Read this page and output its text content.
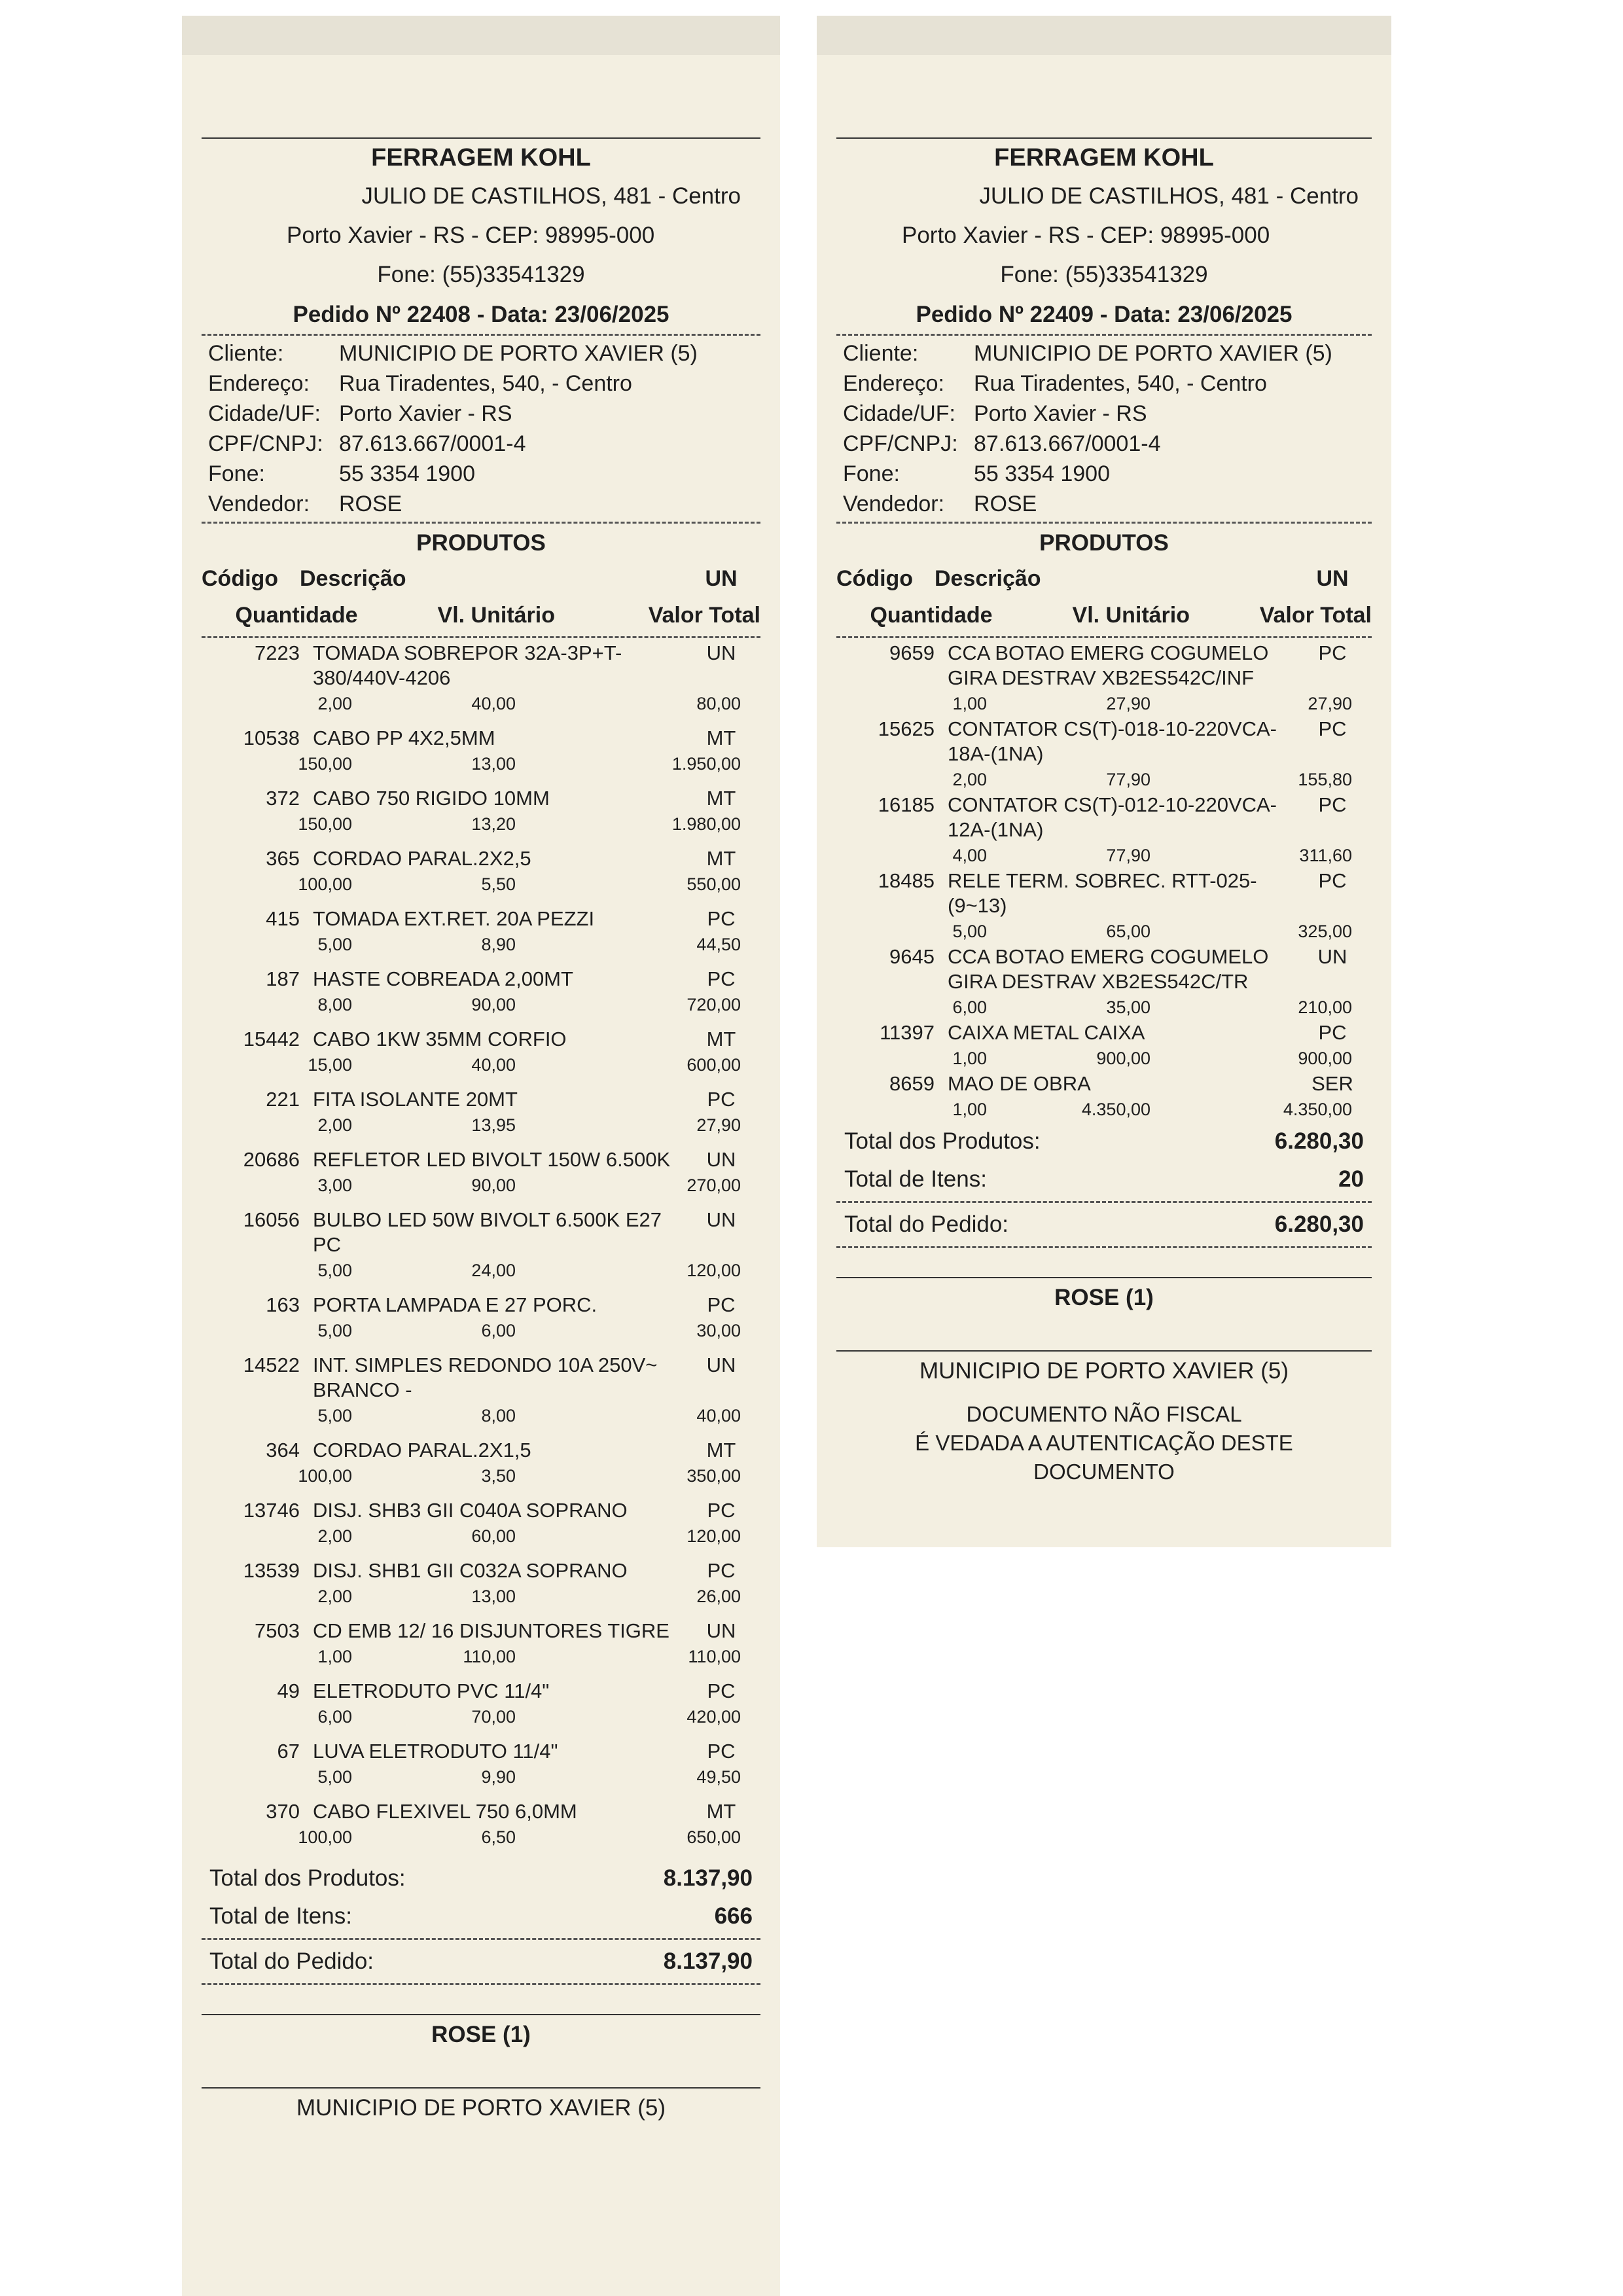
FERRAGEM KOHL
JULIO DE CASTILHOS, 481 - Centro
Porto Xavier - RS - CEP: 98995-000
Fone: (55)33541329
Pedido Nº 22408 - Data: 23/06/2025
Cliente:	MUNICIPIO DE PORTO XAVIER (5)
Endereço:	Rua Tiradentes, 540, - Centro
Cidade/UF: Porto Xavier - RS
CPF/CNPJ: 87.613.667/0001-4
Fone:	55 3354 1900
Vendedor:	ROSE
PRODUTOS
Código Descrição	UN
Quantidade	Vl. Unitário	Valor Total
7223 TOMADA SOBREPOR 32A-3P+T-380/440V-4206
UN
2,00	40,00	80,00
10538 CABO PP 4X2,5MM	MT
150,00	13,00	1.950,00
372 CABO 750 RIGIDO 10MM	MT
150,00	13,20	1.980,00
365 CORDAO PARAL.2X2,5	MT
100,00	5,50	550,00
415 TOMADA EXT.RET. 20A PEZZI	PC
5,00	8,90	44,50
187 HASTE COBREADA 2,00MT	PC
8,00	90,00	720,00
15442 CABO 1KW 35MM CORFIO	MT
15,00	40,00	600,00
221 FITA ISOLANTE 20MT	PC
2,00	13,95	27,90
20686 REFLETOR LED BIVOLT 150W 6.500K	UN
3,00	90,00	270,00
16056 BULBO LED 50W BIVOLT 6.500K E27 PC
UN
5,00	24,00	120,00
163 PORTA LAMPADA E 27 PORC.	PC
5,00	6,00	30,00
14522 INT. SIMPLES REDONDO 10A 250V~ BRANCO -
UN
5,00	8,00	40,00
364 CORDAO PARAL.2X1,5	MT
100,00	3,50	350,00
13746 DISJ. SHB3 GII C040A SOPRANO	PC
2,00	60,00	120,00
13539 DISJ. SHB1 GII C032A SOPRANO	PC
2,00	13,00	26,00
7503 CD EMB 12/ 16 DISJUNTORES TIGRE	UN
1,00	110,00	110,00
49 ELETRODUTO PVC 11/4"	PC
6,00	70,00	420,00
67 LUVA ELETRODUTO 11/4"	PC
5,00	9,90	49,50
370 CABO FLEXIVEL 750 6,0MM	MT
100,00	6,50	650,00
Total dos Produtos:	8.137,90
Total de Itens:	666
Total do Pedido:	8.137,90
ROSE (1)
MUNICIPIO DE PORTO XAVIER (5)
FERRAGEM KOHL
JULIO DE CASTILHOS, 481 - Centro
Porto Xavier - RS - CEP: 98995-000
Fone: (55)33541329
Pedido Nº 22409 - Data: 23/06/2025
Cliente:	MUNICIPIO DE PORTO XAVIER (5)
Endereço:	Rua Tiradentes, 540, - Centro
Cidade/UF: Porto Xavier - RS
CPF/CNPJ: 87.613.667/0001-4
Fone:	55 3354 1900
Vendedor:	ROSE
PRODUTOS
Código Descrição	UN
Quantidade	Vl. Unitário	Valor Total
9659 CCA BOTAO EMERG COGUMELO GIRA DESTRAV XB2ES542C/INF
PC
1,00	27,90	27,90
15625 CONTATOR CS(T)-018-10-220VCA-18A-(1NA)
PC
2,00	77,90	155,80
16185 CONTATOR CS(T)-012-10-220VCA-12A-(1NA)
PC
4,00	77,90	311,60
18485 RELE TERM. SOBREC. RTT-025-(9~13)
PC
5,00	65,00	325,00
9645 CCA BOTAO EMERG COGUMELO GIRA DESTRAV XB2ES542C/TR
UN
6,00	35,00	210,00
11397 CAIXA METAL CAIXA	PC
1,00	900,00	900,00
8659 MAO DE OBRA	SER
1,00	4.350,00	4.350,00
Total dos Produtos:	6.280,30
Total de Itens:	20
Total do Pedido:	6.280,30
ROSE (1)
MUNICIPIO DE PORTO XAVIER (5)
DOCUMENTO NÃO FISCAL
É VEDADA A AUTENTICAÇÃO DESTE
DOCUMENTO
